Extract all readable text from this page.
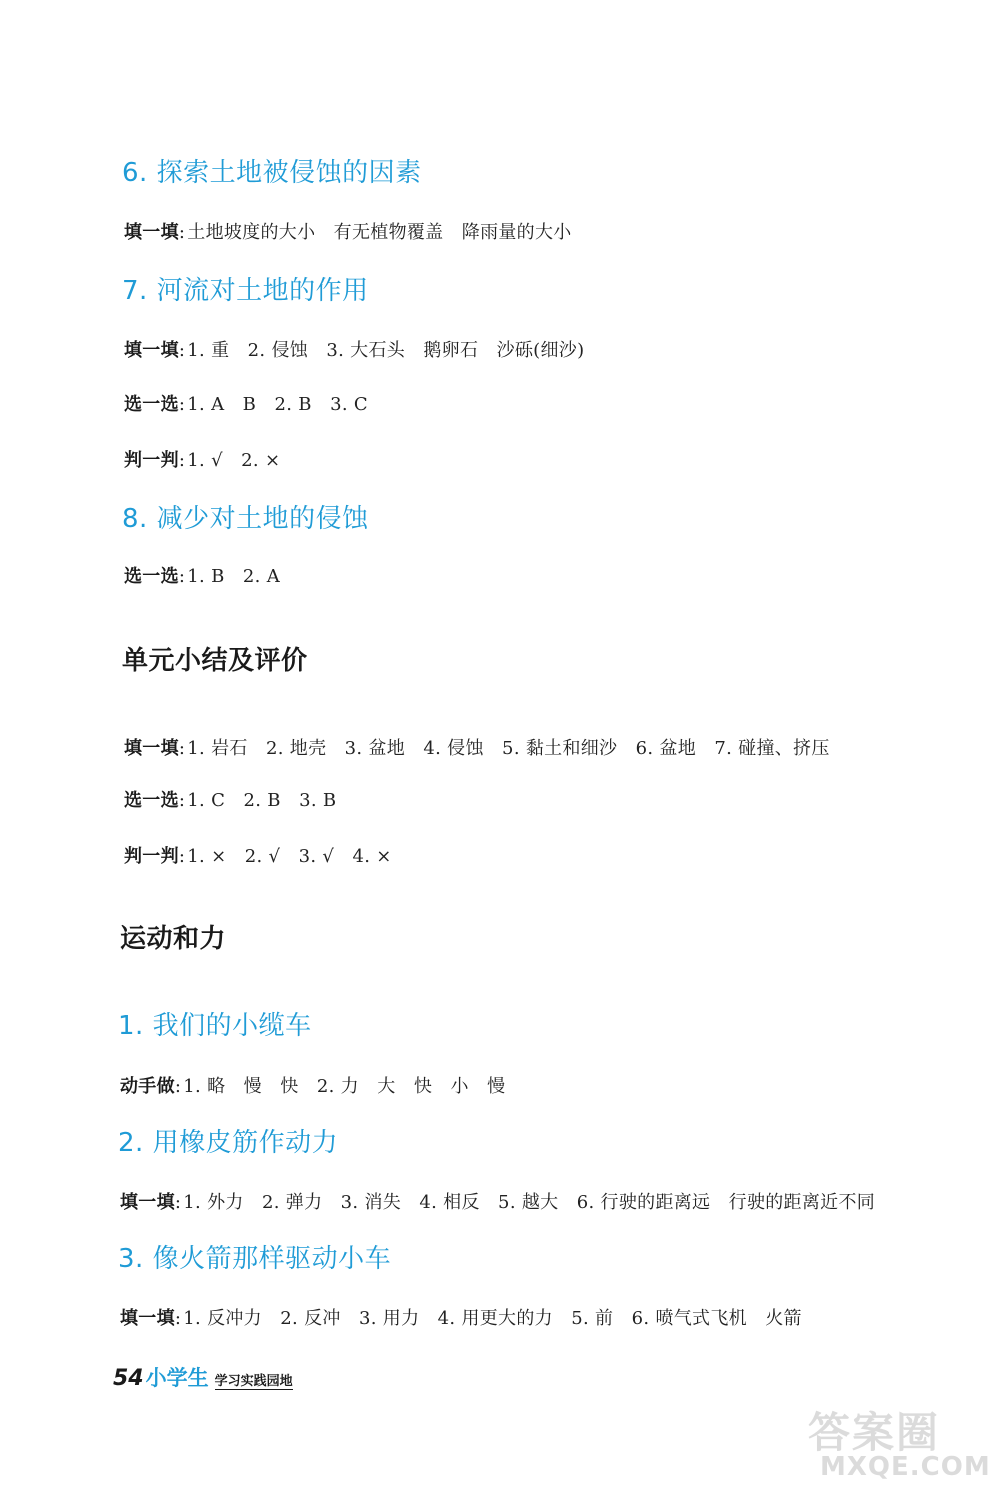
6. 探索土地被侵蚀的因素
7. 河流对土地的作用
8. 减少对土地的侵蚀
单元小结及评价
运动和力
1. 我们的小缆车
2. 用橡皮筋作动力
3. 像火箭那样驱动小车
填一填: 土地坡度的大小　有无植物覆盖　降雨量的大小
填一填: 1. 重　2. 侵蚀　3. 大石头　鹅卵石　沙砾(细沙)
选一选: 1. A　B　2. B　3. C
判一判: 1. √　2. ×
选一选: 1. B　2. A
填一填: 1. 岩石　2. 地壳　3. 盆地　4. 侵蚀　5. 黏土和细沙　6. 盆地　7. 碰撞、挤压
选一选: 1. C　2. B　3. B
判一判: 1. ×　2. √　3. √　4. ×
动手做: 1. 略　慢　快　2. 力　大　快　小　慢
填一填: 1. 外力　2. 弹力　3. 消失　4. 相反　5. 越大　6. 行驶的距离远　行驶的距离近不同
填一填: 1. 反冲力　2. 反冲　3. 用力　4. 用更大的力　5. 前　6. 喷气式飞机　火箭
54 小学生 学习实践园地
答案圈
MXQE.COM
